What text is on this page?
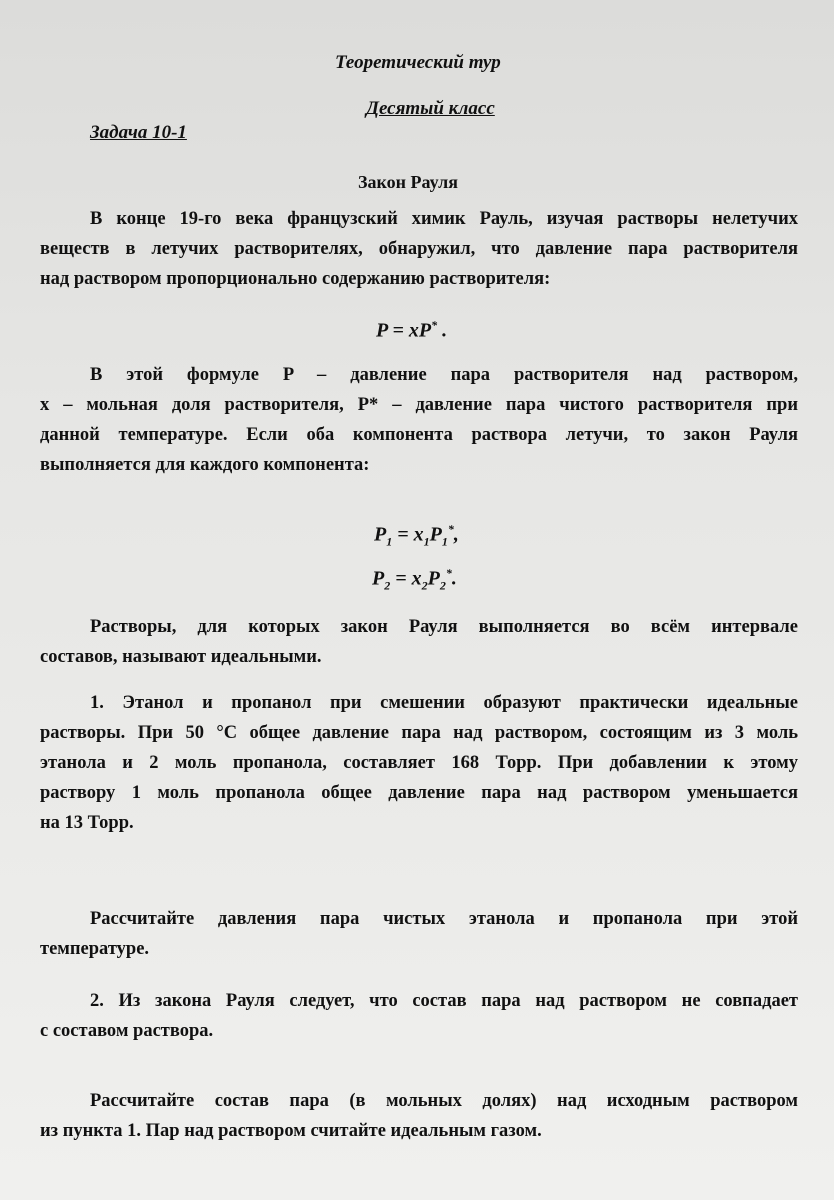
Теоретический тур
Десятый класс
Задача 10-1
Закон Рауля
В конце 19-го века французский химик Рауль, изучая растворы нелетучих
веществ в летучих растворителях, обнаружил, что давление пара растворителя
над раствором пропорционально содержанию растворителя:
P = xP* .
В этой формуле P – давление пара растворителя над раствором,
x – мольная доля растворителя, P* – давление пара чистого растворителя при
данной температуре. Если оба компонента раствора летучи, то закон Рауля
выполняется для каждого компонента:
$P_1 = x_1P_1^*$,
$P_2 = x_2P_2^*$.
Растворы, для которых закон Рауля выполняется во всём интервале
составов, называют идеальными.
1. Этанол и пропанол при смешении образуют практически идеальные
растворы. При 50 °С общее давление пара над раствором, состоящим из 3 моль
этанола и 2 моль пропанола, составляет 168 Торр. При добавлении к этому
раствору 1 моль пропанола общее давление пара над раствором уменьшается
на 13 Торр.
Рассчитайте давления пара чистых этанола и пропанола при этой
температуре.
2. Из закона Рауля следует, что состав пара над раствором не совпадает
с составом раствора.
Рассчитайте состав пара (в мольных долях) над исходным раствором
из пункта 1. Пар над раствором считайте идеальным газом.
